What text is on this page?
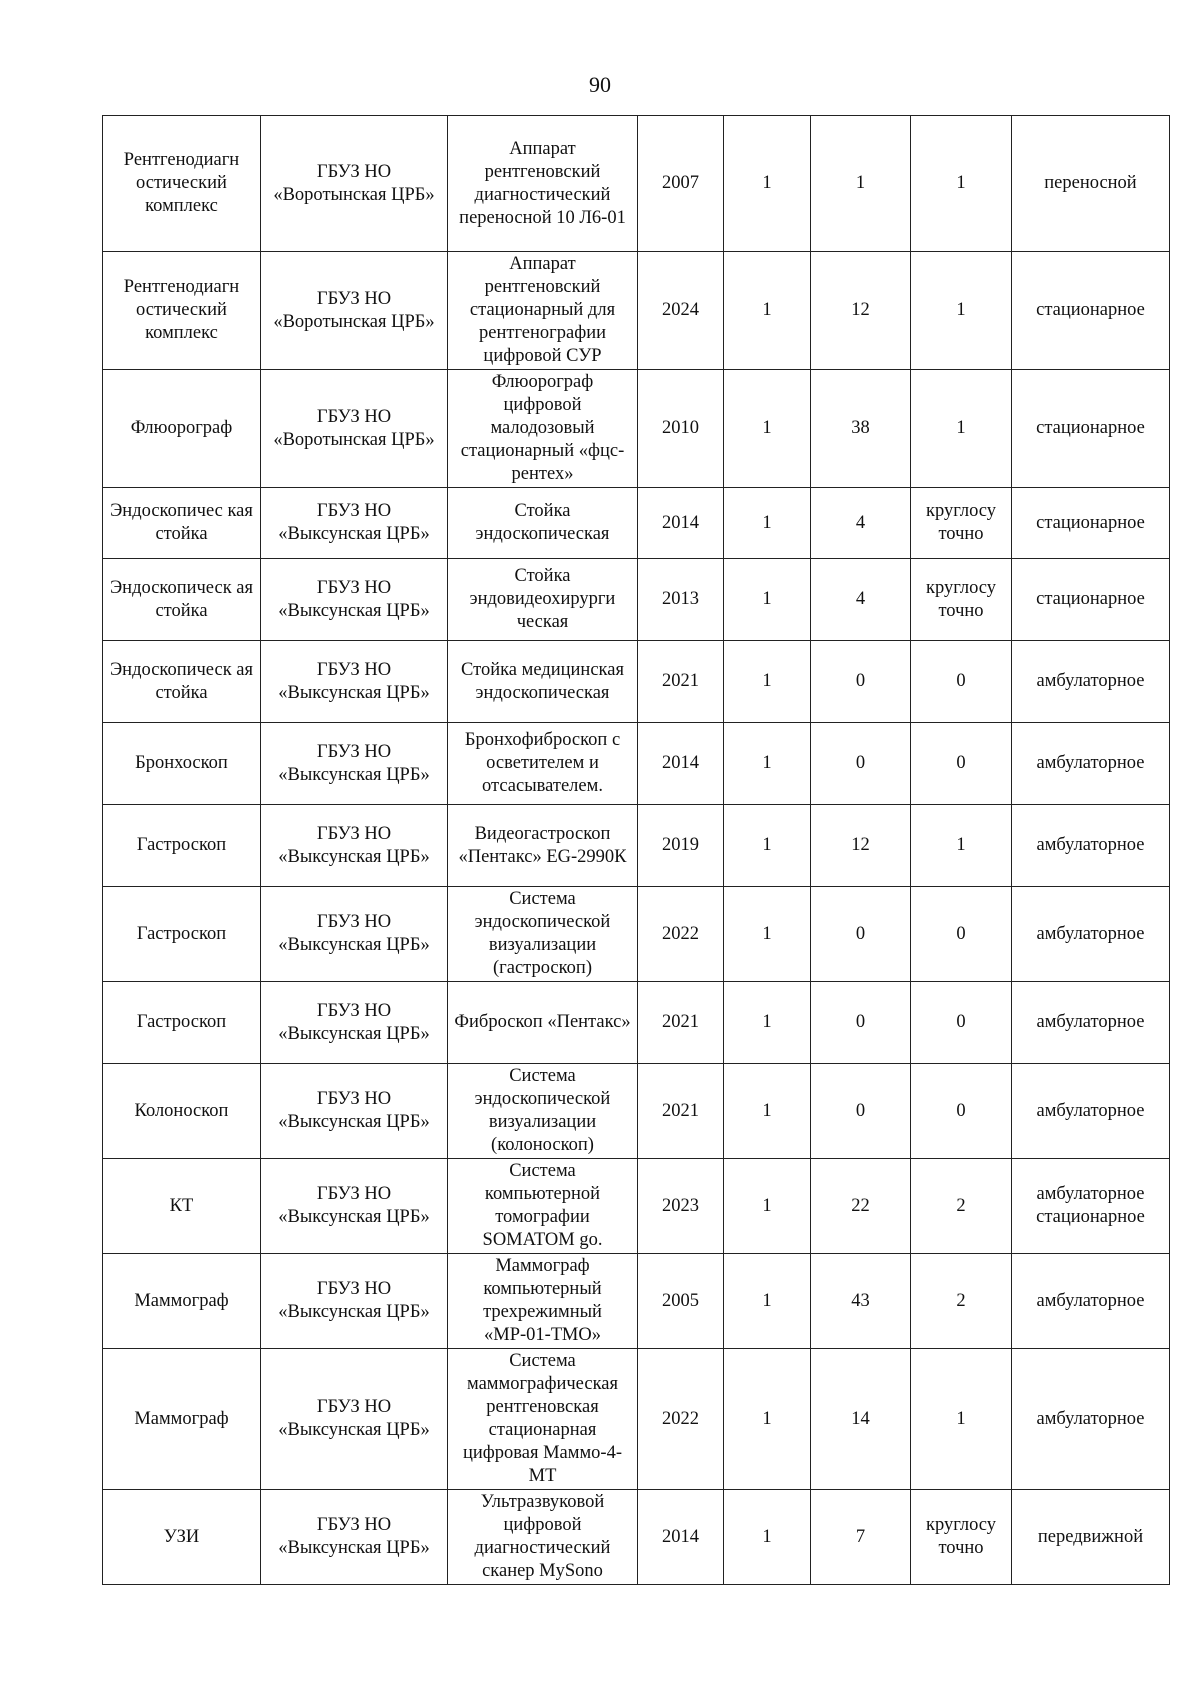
90
Рентгенодиагн остический комплекс	ГБУЗ НО «Воротынская ЦРБ»	Аппарат рентгеновский диагностический переносной 10 Л6-01	2007	1	1	1	переносной
Рентгенодиагн остический комплекс	ГБУЗ НО «Воротынская ЦРБ»	Аппарат рентгеновский стационарный для рентгенографии цифровой СУР	2024	1	12	1	стационарное
Флюорограф	ГБУЗ НО «Воротынская ЦРБ»	Флюорограф цифровой малодозовый стационарный «фцс-рентех»	2010	1	38	1	стационарное
Эндоскопичес кая стойка	ГБУЗ НО «Выксунская ЦРБ»	Стойка эндоскопическая	2014	1	4	круглосу точно	стационарное
Эндоскопическ ая стойка	ГБУЗ НО «Выксунская ЦРБ»	Стойка эндовидеохирурги ческая	2013	1	4	круглосу точно	стационарное
Эндоскопическ ая стойка	ГБУЗ НО «Выксунская ЦРБ»	Стойка медицинская эндоскопическая	2021	1	0	0	амбулаторное
Бронхоскоп	ГБУЗ НО «Выксунская ЦРБ»	Бронхофиброскоп с осветителем и отсасывателем.	2014	1	0	0	амбулаторное
Гастроскоп	ГБУЗ НО «Выксунская ЦРБ»	Видеогастроскоп «Пентакс» EG-2990К	2019	1	12	1	амбулаторное
Гастроскоп	ГБУЗ НО «Выксунская ЦРБ»	Система эндоскопической визуализации (гастроскоп)	2022	1	0	0	амбулаторное
Гастроскоп	ГБУЗ НО «Выксунская ЦРБ»	Фиброскоп «Пентакс»	2021	1	0	0	амбулаторное
Колоноскоп	ГБУЗ НО «Выксунская ЦРБ»	Система эндоскопической визуализации (колоноскоп)	2021	1	0	0	амбулаторное
КТ	ГБУЗ НО «Выксунская ЦРБ»	Система компьютерной томографии SOMATOM go.	2023	1	22	2	амбулаторное стационарное
Маммограф	ГБУЗ НО «Выксунская ЦРБ»	Маммограф компьютерный трехрежимный «МР-01-ТМО»	2005	1	43	2	амбулаторное
Маммограф	ГБУЗ НО «Выксунская ЦРБ»	Система маммографическая рентгеновская стационарная цифровая Маммо-4-МТ	2022	1	14	1	амбулаторное
УЗИ	ГБУЗ НО «Выксунская ЦРБ»	Ультразвуковой цифровой диагностический сканер MySono	2014	1	7	круглосу точно	передвижной
